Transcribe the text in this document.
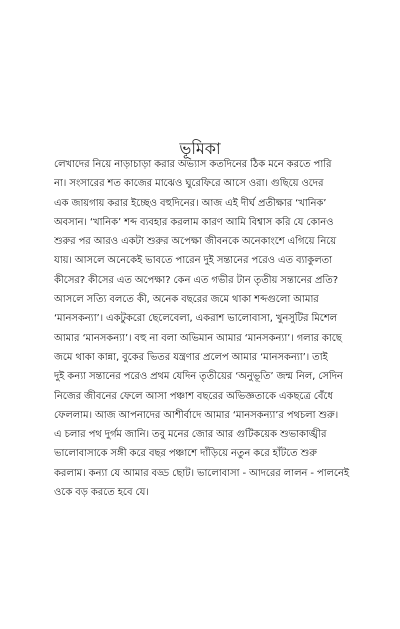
ভূমিকা
লেখাদের নিয়ে নাড়াচাড়া করার অভ্যাস কতদিনের ঠিক মনে করতে পারি
না। সংসারের শত কাজের মাঝেও ঘুরেফিরে আসে ওরা। গুছিয়ে ওদের
এক জায়গায় করার ইচ্ছেও বহুদিনের। আজ এই দীর্ঘ প্রতীক্ষার ‘খানিক’
অবসান। ‘খানিক’ শব্দ ব্যবহার করলাম কারণ আমি বিশ্বাস করি যে কোনও
শুরুর পর আরও একটা শুরুর অপেক্ষা জীবনকে অনেকাংশে এগিয়ে নিয়ে
যায়। আসলে অনেকেই ভাবতে পারেন দুই সন্তানের পরেও এত ব্যাকুলতা
কীসের? কীসের এত অপেক্ষা? কেন এত গভীর টান তৃতীয় সন্তানের প্রতি?
আসলে সত্যি বলতে কী, অনেক বছরের জমে থাকা শব্দগুলো আমার
‘মানসকন্যা’। একটুকরো ছেলেবেলা, একরাশ ভালোবাসা, খুনসুটির মিশেল
আমার ‘মানসকন্যা’। বহু না বলা অভিমান আমার ‘মানসকন্যা’। গলার কাছে
জমে থাকা কান্না, বুকের ভিতর যন্ত্রণার প্রলেপ আমার ‘মানসকন্যা’। তাই
দুই কন্যা সন্তানের পরেও প্রথম যেদিন তৃতীয়ের ‘অনুভূতি’ জন্ম নিল, সেদিন
নিজের জীবনের ফেলে আসা পঞ্চাশ বছরের অভিজ্ঞতাকে একছত্রে বেঁধে
ফেললাম। আজ আপনাদের আশীর্বাদে আমার ‘মানসকন্যা’র পথচলা শুরু।
এ চলার পথ দুর্গম জানি। তবু মনের জোর আর গুটিকয়েক শুভাকাঙ্খীর
ভালোবাসাকে সঙ্গী করে বছর পঞ্চাশে দাঁড়িয়ে নতুন করে হাঁটতে শুরু
করলাম। কন্যা যে আমার বড্ড ছোট। ভালোবাসা - আদরের লালন - পালনেই
ওকে বড় করতে হবে যে।
